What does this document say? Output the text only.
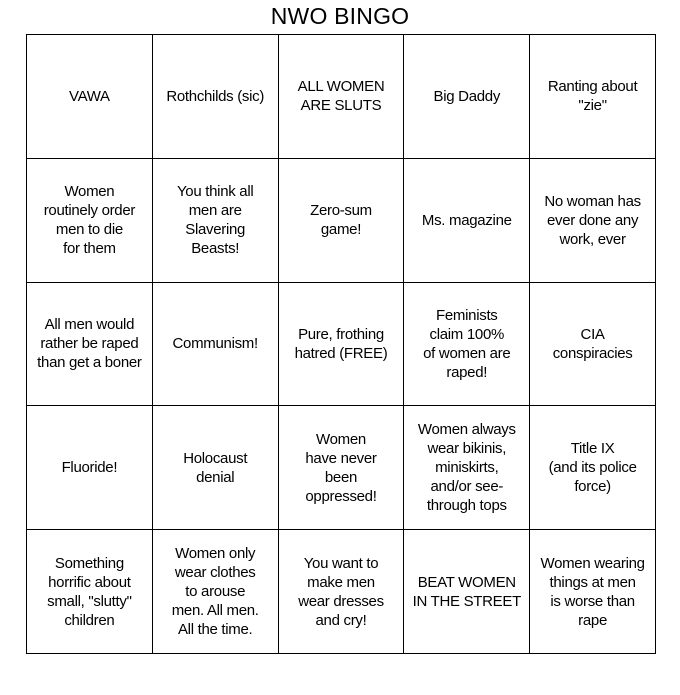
NWO BINGO
VAWA	Rothchilds (sic)
ALL WOMEN
ARE SLUTS
Big Daddy
Ranting about
"zie"
Women
routinely order
men to die
for them
You think all
men are
Slavering
Beasts!
Zero-sum
game!
Ms. magazine
No woman has
ever done any
work, ever
All men would
rather be raped
than get a boner
Communism!
Pure, frothing
hatred (FREE)
Feminists
claim 100%
of women are
raped!
CIA
conspiracies
Fluoride!
Holocaust
denial
Women
have never
been
oppressed!
Women always
wear bikinis,
miniskirts,
and/or see-
through tops
Title IX
(and its police
force)
Something
horrific about
small, "slutty"
children
Women only
wear clothes
to arouse
men. All men.
All the time.
You want to
make men
wear dresses
and cry!
BEAT WOMEN
IN THE STREET
Women wearing
things at men
is worse than
rape
